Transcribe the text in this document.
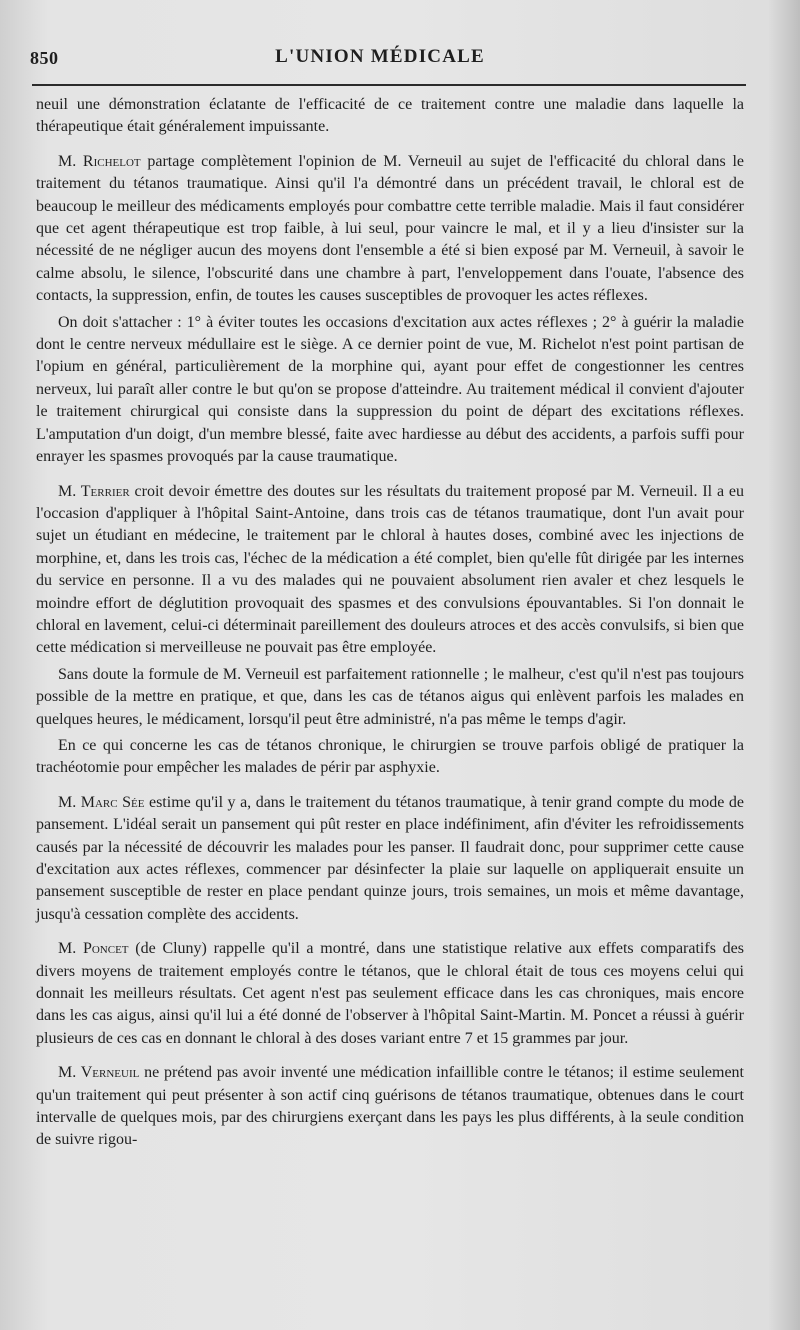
850	L'UNION MÉDICALE

neuil une démonstration éclatante de l'efficacité de ce traitement contre une maladie dans laquelle la thérapeutique était généralement impuissante.

M. Richelot partage complètement l'opinion de M. Verneuil au sujet de l'efficacité du chloral dans le traitement du tétanos traumatique. Ainsi qu'il l'a démontré dans un précédent travail, le chloral est de beaucoup le meilleur des médicaments employés pour combattre cette terrible maladie. Mais il faut considérer que cet agent thérapeutique est trop faible, à lui seul, pour vaincre le mal, et il y a lieu d'insister sur la nécessité de ne négliger aucun des moyens dont l'ensemble a été si bien exposé par M. Verneuil, à savoir le calme absolu, le silence, l'obscurité dans une chambre à part, l'enveloppement dans l'ouate, l'absence des contacts, la suppression, enfin, de toutes les causes susceptibles de provoquer les actes réflexes.

On doit s'attacher : 1° à éviter toutes les occasions d'excitation aux actes réflexes ; 2° à guérir la maladie dont le centre nerveux médullaire est le siège. A ce dernier point de vue, M. Richelot n'est point partisan de l'opium en général, particulièrement de la morphine qui, ayant pour effet de congestionner les centres nerveux, lui paraît aller contre le but qu'on se propose d'atteindre. Au traitement médical il convient d'ajouter le traitement chirurgical qui consiste dans la suppression du point de départ des excitations réflexes. L'amputation d'un doigt, d'un membre blessé, faite avec hardiesse au début des accidents, a parfois suffi pour enrayer les spasmes provoqués par la cause traumatique.

M. Terrier croit devoir émettre des doutes sur les résultats du traitement proposé par M. Verneuil. Il a eu l'occasion d'appliquer à l'hôpital Saint-Antoine, dans trois cas de tétanos traumatique, dont l'un avait pour sujet un étudiant en médecine, le traitement par le chloral à hautes doses, combiné avec les injections de morphine, et, dans les trois cas, l'échec de la médication a été complet, bien qu'elle fût dirigée par les internes du service en personne. Il a vu des malades qui ne pouvaient absolument rien avaler et chez lesquels le moindre effort de déglutition provoquait des spasmes et des convulsions épouvantables. Si l'on donnait le chloral en lavement, celui-ci déterminait pareillement des douleurs atroces et des accès convulsifs, si bien que cette médication si merveilleuse ne pouvait pas être employée.

Sans doute la formule de M. Verneuil est parfaitement rationnelle ; le malheur, c'est qu'il n'est pas toujours possible de la mettre en pratique, et que, dans les cas de tétanos aigus qui enlèvent parfois les malades en quelques heures, le médicament, lorsqu'il peut être administré, n'a pas même le temps d'agir.

En ce qui concerne les cas de tétanos chronique, le chirurgien se trouve parfois obligé de pratiquer la trachéotomie pour empêcher les malades de périr par asphyxie.

M. Marc Sée estime qu'il y a, dans le traitement du tétanos traumatique, à tenir grand compte du mode de pansement. L'idéal serait un pansement qui pût rester en place indéfiniment, afin d'éviter les refroidissements causés par la nécessité de découvrir les malades pour les panser. Il faudrait donc, pour supprimer cette cause d'excitation aux actes réflexes, commencer par désinfecter la plaie sur laquelle on appliquerait ensuite un pansement susceptible de rester en place pendant quinze jours, trois semaines, un mois et même davantage, jusqu'à cessation complète des accidents.

M. Poncet (de Cluny) rappelle qu'il a montré, dans une statistique relative aux effets comparatifs des divers moyens de traitement employés contre le tétanos, que le chloral était de tous ces moyens celui qui donnait les meilleurs résultats. Cet agent n'est pas seulement efficace dans les cas chroniques, mais encore dans les cas aigus, ainsi qu'il lui a été donné de l'observer à l'hôpital Saint-Martin. M. Poncet a réussi à guérir plusieurs de ces cas en donnant le chloral à des doses variant entre 7 et 15 grammes par jour.

M. Verneuil ne prétend pas avoir inventé une médication infaillible contre le tétanos; il estime seulement qu'un traitement qui peut présenter à son actif cinq guérisons de tétanos traumatique, obtenues dans le court intervalle de quelques mois, par des chirurgiens exerçant dans les pays les plus différents, à la seule condition de suivre rigou-
